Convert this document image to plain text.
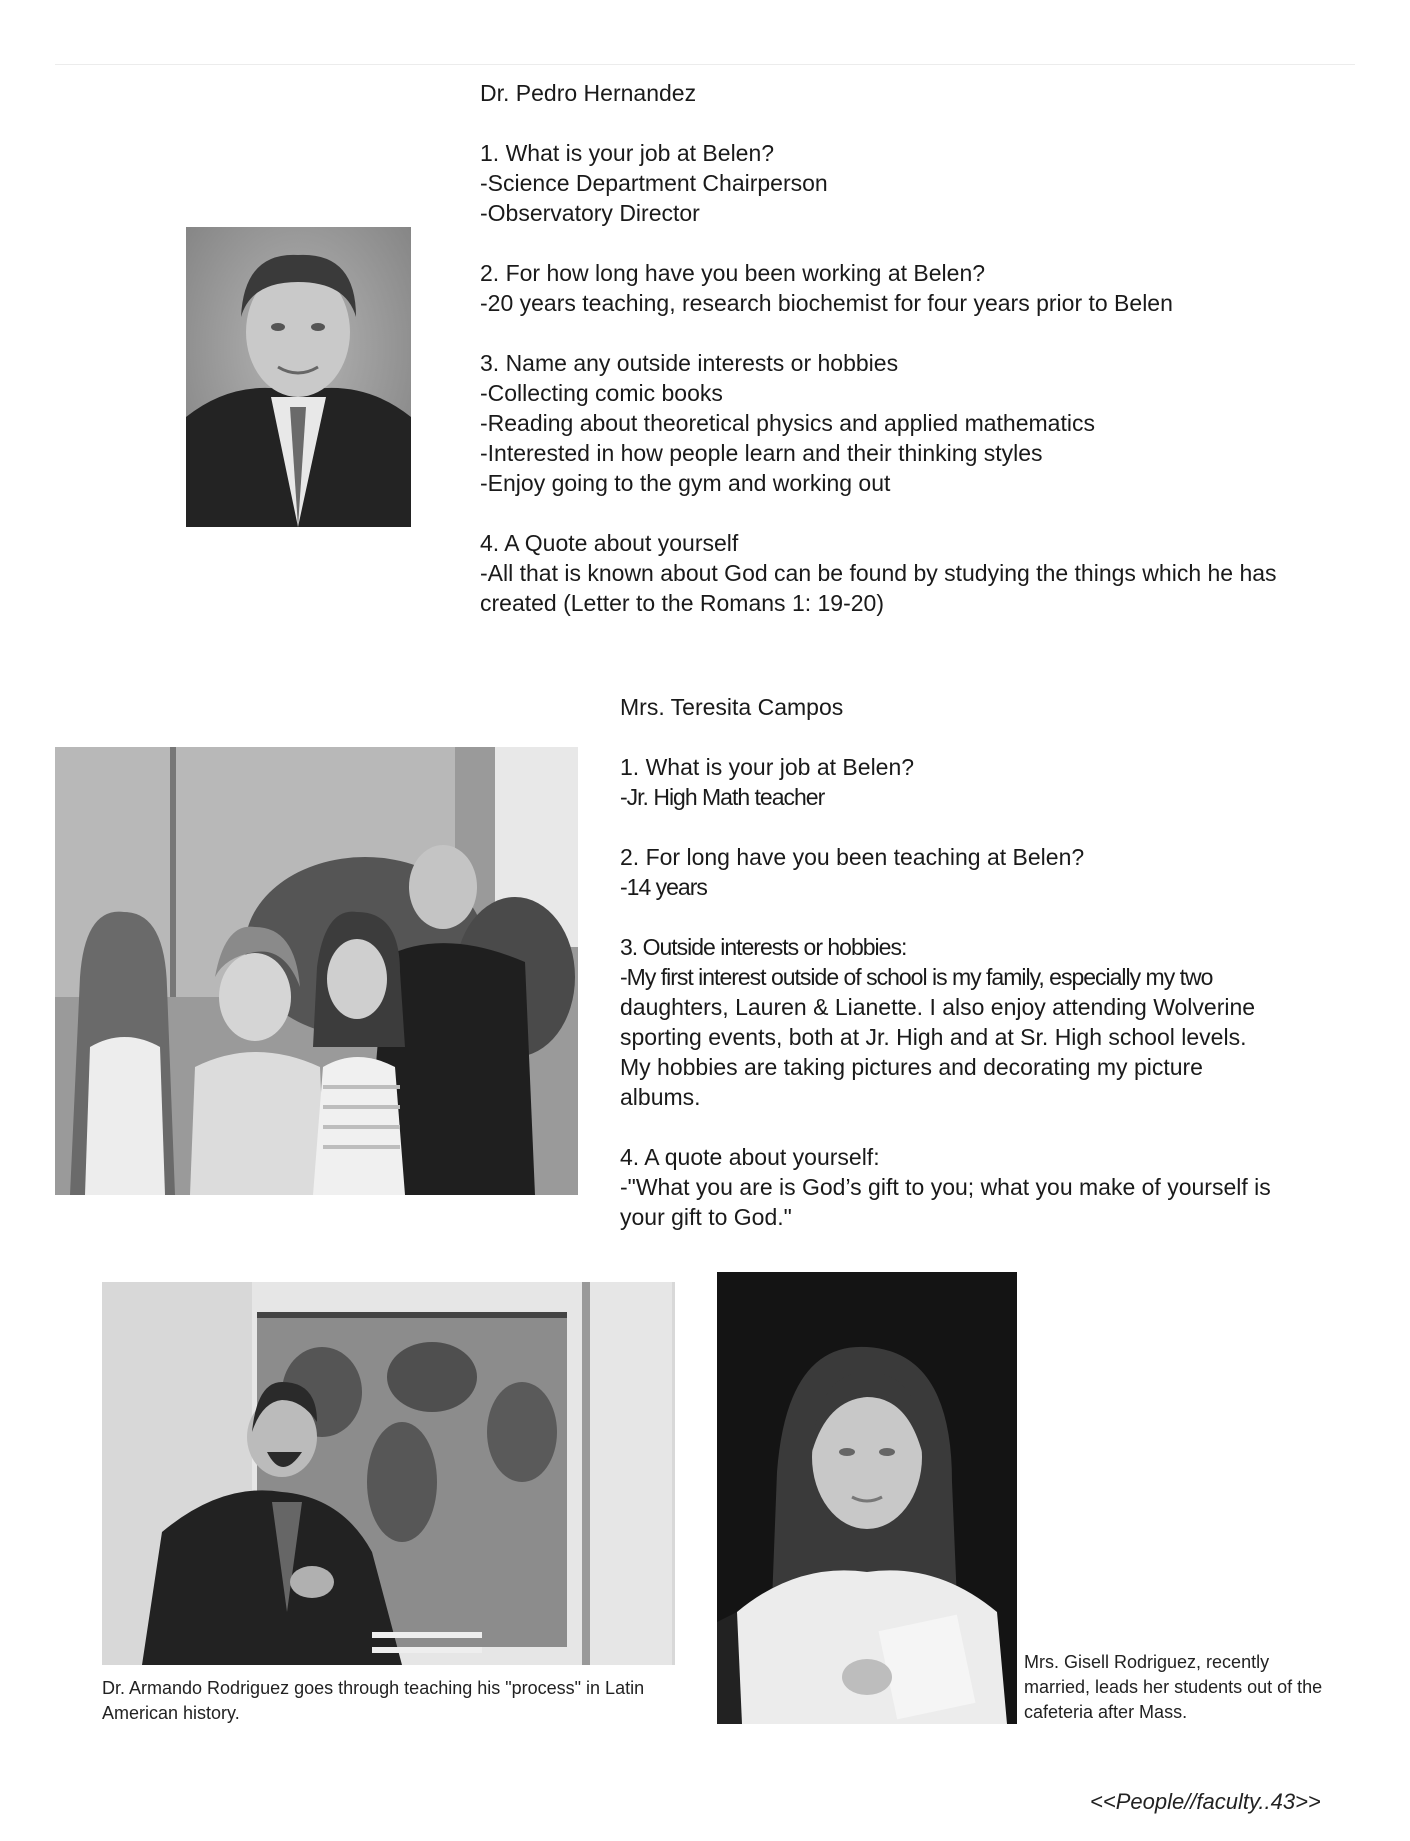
Dr. Pedro Hernandez

1. What is your job at Belen?

-Science Department Chairperson

-Observatory Director

2. For how long have you been working at Belen?

-20 years teaching, research biochemist for four years prior to Belen

3. Name any outside interests or hobbies

-Collecting comic books

-Reading about theoretical physics and applied mathematics

-Interested in how people learn and their thinking styles

-Enjoy going to the gym and working out

4. A Quote about yourself

-All that is known about God can be found by studying the things which he has

created (Letter to the Romans 1: 19-20)

Mrs. Teresita Campos

1. What is your job at Belen?

-Jr. High Math teacher

2. For long have you been teaching at Belen?

-14 years

3. Outside interests or hobbies:

-My first interest outside of school is my family, especially my two

daughters, Lauren & Lianette. I also enjoy attending Wolverine

sporting events, both at Jr. High and at Sr. High school levels.

My hobbies are taking pictures and decorating my picture

albums.

4. A quote about yourself:

-"What you are is God’s gift to you; what you make of yourself is

your gift to God."

Dr. Armando Rodriguez goes through teaching his "process" in Latin
American history.
Mrs. Gisell Rodriguez, recently
married, leads her students out of the
cafeteria after Mass.
<<People//faculty..43>>
